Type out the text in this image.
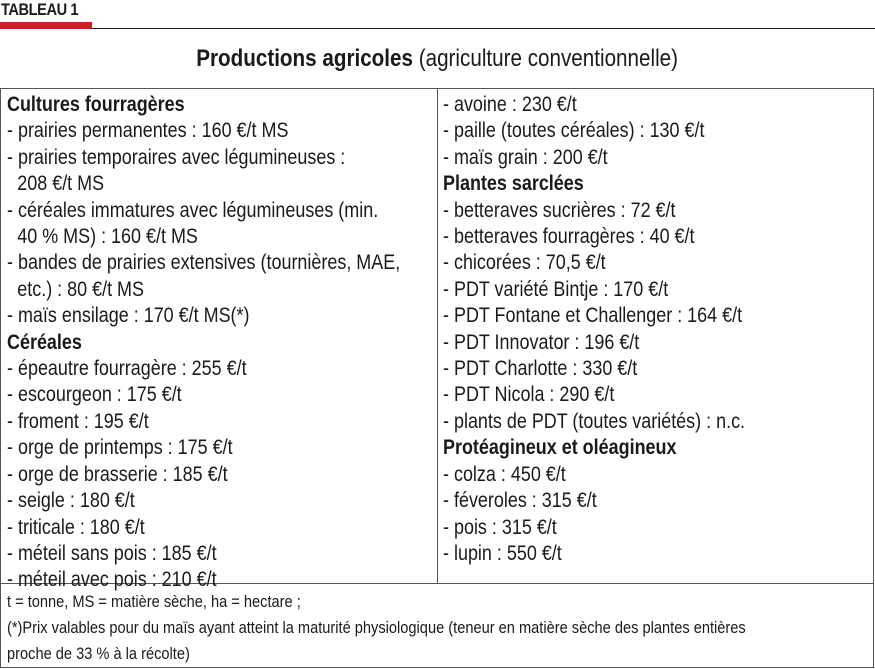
TABLEAU 1
Productions agricoles (agriculture conventionnelle)
Cultures fourragères
- prairies permanentes : 160 €/t MS
- prairies temporaires avec légumineuses :
208 €/t MS
- céréales immatures avec légumineuses (min.
40 % MS) : 160 €/t MS
- bandes de prairies extensives (tournières, MAE,
etc.) : 80 €/t MS
- maïs ensilage : 170 €/t MS(*)
Céréales
- épeautre fourragère : 255 €/t
- escourgeon : 175 €/t
- froment : 195 €/t
- orge de printemps : 175 €/t
- orge de brasserie : 185 €/t
- seigle : 180 €/t
- triticale : 180 €/t
- méteil sans pois : 185 €/t
- méteil avec pois : 210 €/t
- avoine : 230 €/t
- paille (toutes céréales) : 130 €/t
- maïs grain : 200 €/t
Plantes sarclées
- betteraves sucrières : 72 €/t
- betteraves fourragères : 40 €/t
- chicorées : 70,5 €/t
- PDT variété Bintje : 170 €/t
- PDT Fontane et Challenger : 164 €/t
- PDT Innovator : 196 €/t
- PDT Charlotte : 330 €/t
- PDT Nicola : 290 €/t
- plants de PDT (toutes variétés) : n.c.
Protéagineux et oléagineux
- colza : 450 €/t
- féveroles : 315 €/t
- pois : 315 €/t
- lupin : 550 €/t
t = tonne, MS = matière sèche, ha = hectare ;
(*)Prix valables pour du maïs ayant atteint la maturité physiologique (teneur en matière sèche des plantes entières
proche de 33 % à la récolte)
